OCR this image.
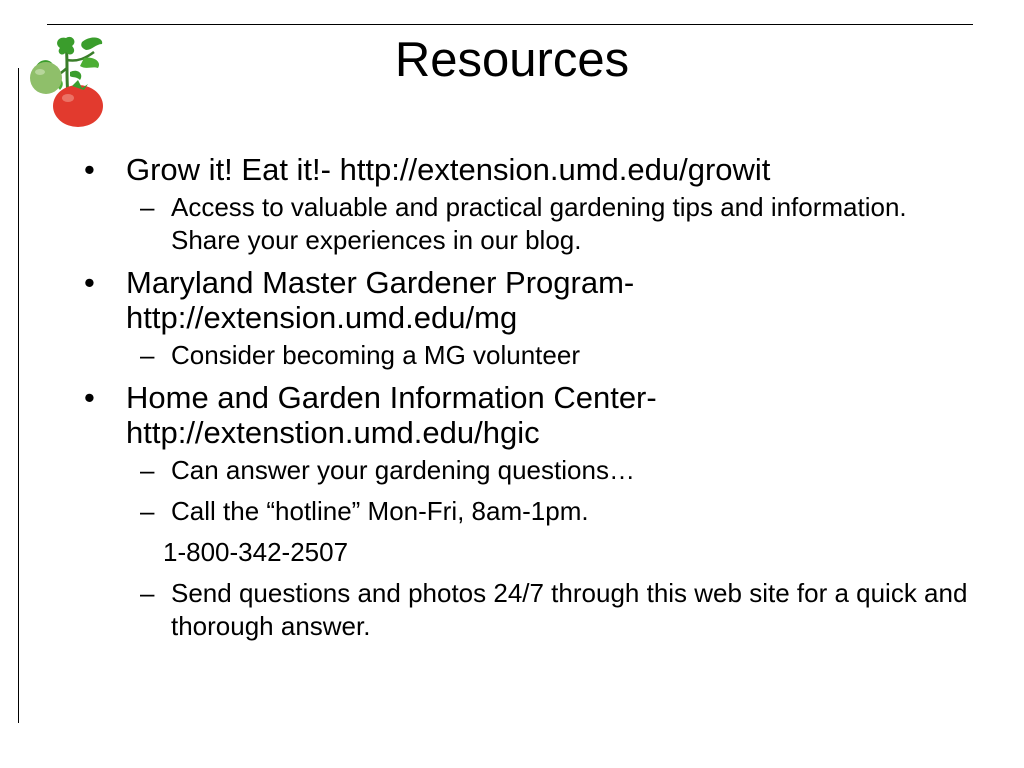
Resources
• Grow it! Eat it!- http://extension.umd.edu/growit
– Access to valuable and practical gardening tips and information. Share your experiences in our blog.
• Maryland Master Gardener Program- http://extension.umd.edu/mg
– Consider becoming a MG volunteer
• Home and Garden Information Center- http://extenstion.umd.edu/hgic
– Can answer your gardening questions…
– Call the “hotline” Mon-Fri, 8am-1pm.
1-800-342-2507
– Send questions and photos 24/7 through this web site for a quick and thorough answer.
